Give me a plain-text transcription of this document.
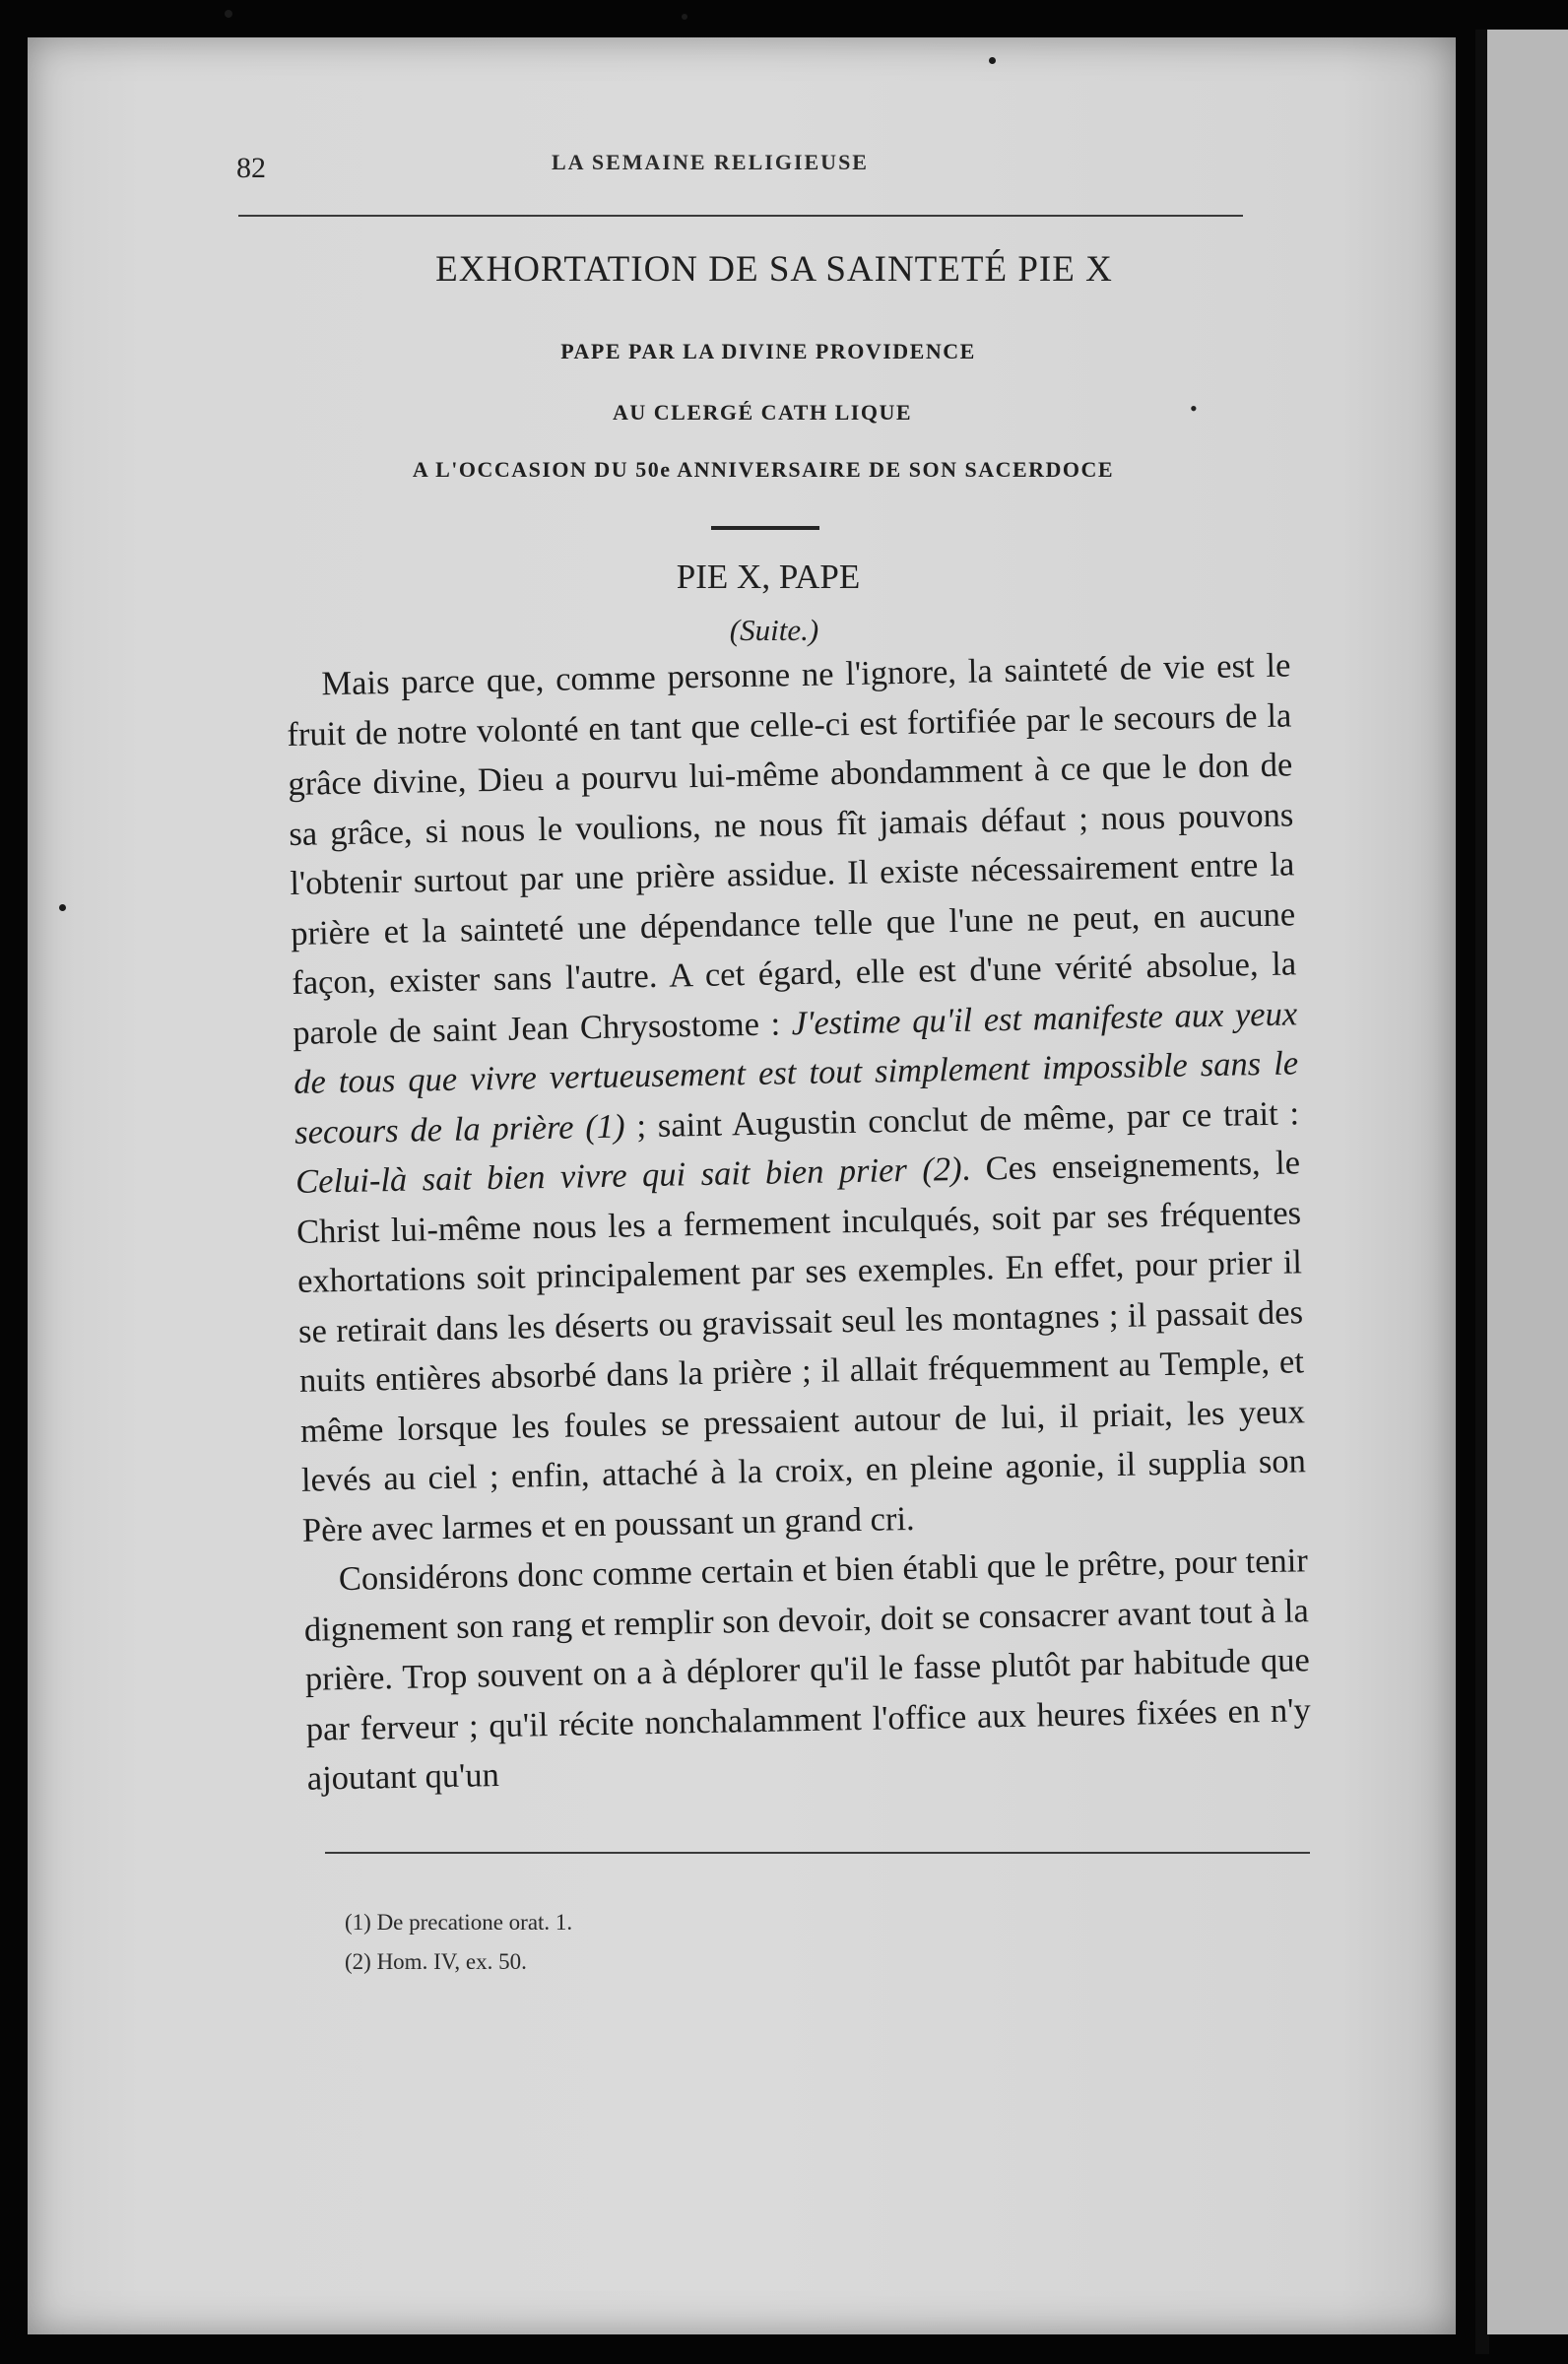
82	LA SEMAINE RELIGIEUSE
EXHORTATION DE SA SAINTETÉ PIE X
PAPE PAR LA DIVINE PROVIDENCE
AU CLERGÉ CATH LIQUE	•
A L'OCCASION DU 50e ANNIVERSAIRE DE SON SACERDOCE
PIE X, PAPE
(Suite.)

Mais parce que, comme personne ne l'ignore, la sainteté de vie est le fruit de notre volonté en tant que celle-ci est fortifiée par le secours de la grâce divine, Dieu a pourvu lui-même abondamment à ce que le don de sa grâce, si nous le voulions, ne nous fît jamais défaut ; nous pouvons l'obtenir surtout par une prière assidue. Il existe nécessairement entre la prière et la sainteté une dépendance telle que l'une ne peut, en aucune façon, exister sans l'autre. A cet égard, elle est d'une vérité absolue, la parole de saint Jean Chrysostome : J'estime qu'il est manifeste aux yeux de tous que vivre vertueusement est tout simplement impossible sans le secours de la prière (1) ; saint Augustin conclut de même, par ce trait : Celui-là sait bien vivre qui sait bien prier (2). Ces enseignements, le Christ lui-même nous les a fermement inculqués, soit par ses fréquentes exhortations soit principalement par ses exemples. En effet, pour prier il se retirait dans les déserts ou gravissait seul les montagnes ; il passait des nuits entières absorbé dans la prière ; il allait fréquemment au Temple, et même lorsque les foules se pressaient autour de lui, il priait, les yeux levés au ciel ; enfin, attaché à la croix, en pleine agonie, il supplia son Père avec larmes et en poussant un grand cri.

Considérons donc comme certain et bien établi que le prêtre, pour tenir dignement son rang et remplir son devoir, doit se consacrer avant tout à la prière. Trop souvent on a à déplorer qu'il le fasse plutôt par habitude que par ferveur ; qu'il récite nonchalamment l'office aux heures fixées en n'y ajoutant qu'un

(1) De precatione orat. 1.
(2) Hom. IV, ex. 50.
